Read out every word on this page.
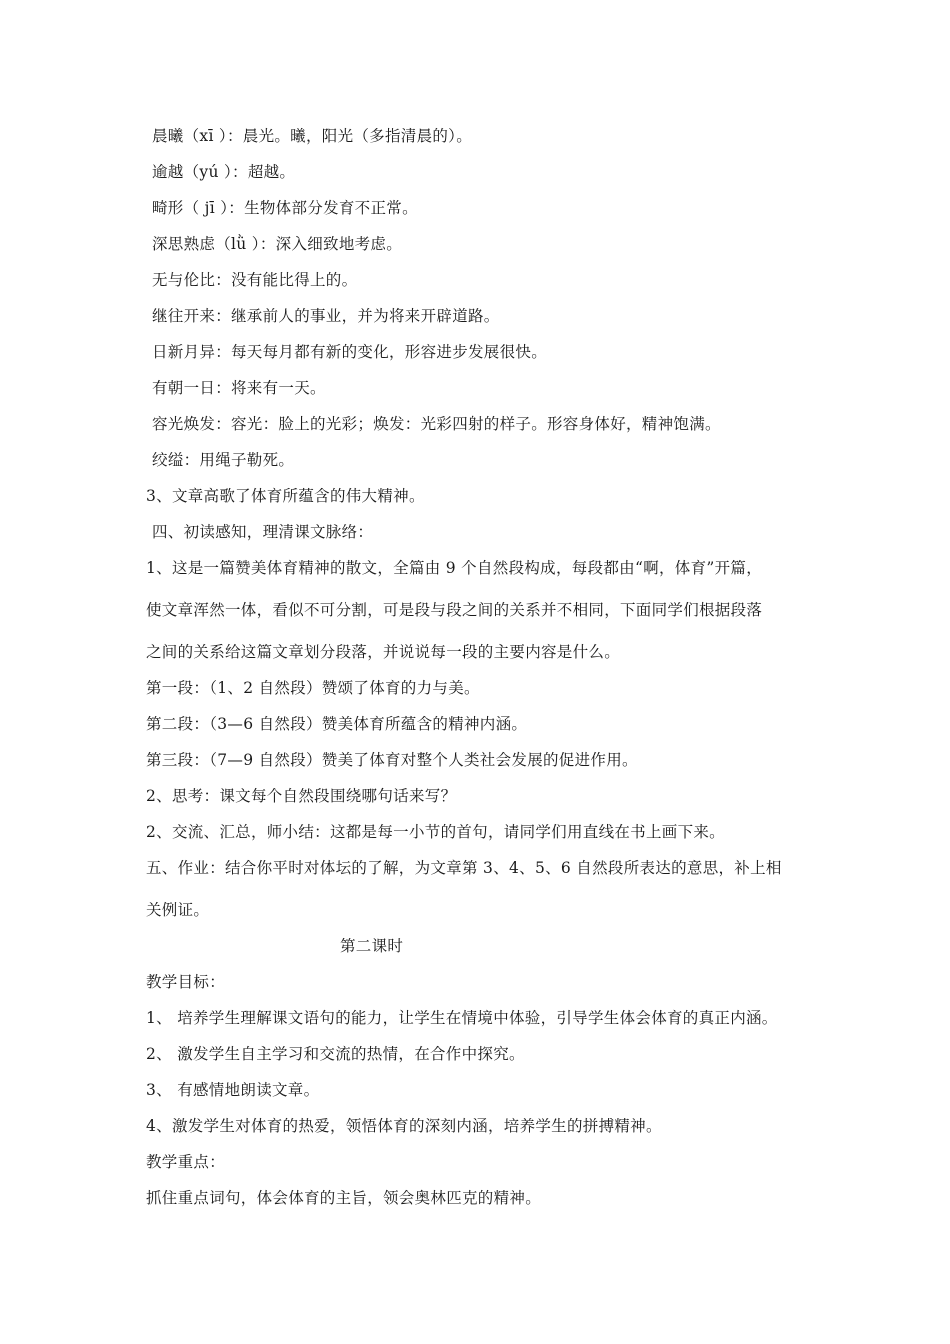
晨曦（xī ）：晨光。曦，阳光（多指清晨的）。
逾越（yú ）：超越。
畸形（ jī ）：生物体部分发育不正常。
深思熟虑（lǜ ）：深入细致地考虑。
无与伦比：没有能比得上的。
继往开来：继承前人的事业，并为将来开辟道路。
日新月异：每天每月都有新的变化，形容进步发展很快。
有朝一日：将来有一天。
容光焕发：容光：脸上的光彩；焕发：光彩四射的样子。形容身体好，精神饱满。
绞缢：用绳子勒死。
3、文章高歌了体育所蕴含的伟大精神。
四、初读感知，理清课文脉络：
1、这是一篇赞美体育精神的散文，全篇由 9 个自然段构成，每段都由“啊，体育”开篇，
使文章浑然一体，看似不可分割，可是段与段之间的关系并不相同，下面同学们根据段落
之间的关系给这篇文章划分段落，并说说每一段的主要内容是什么。
第一段：（1、2 自然段）赞颂了体育的力与美。
第二段：（3—6 自然段）赞美体育所蕴含的精神内涵。
第三段：（7—9 自然段）赞美了体育对整个人类社会发展的促进作用。
2、思考：课文每个自然段围绕哪句话来写？
2、交流、汇总，师小结：这都是每一小节的首句，请同学们用直线在书上画下来。
五、作业：结合你平时对体坛的了解，为文章第 3、4、5、6 自然段所表达的意思，补上相
关例证。
第二课时
教学目标：
1、 培养学生理解课文语句的能力，让学生在情境中体验，引导学生体会体育的真正内涵。
2、 激发学生自主学习和交流的热情，在合作中探究。
3、 有感情地朗读文章。
4、激发学生对体育的热爱，领悟体育的深刻内涵，培养学生的拼搏精神。
教学重点：
抓住重点词句，体会体育的主旨，领会奥林匹克的精神。
